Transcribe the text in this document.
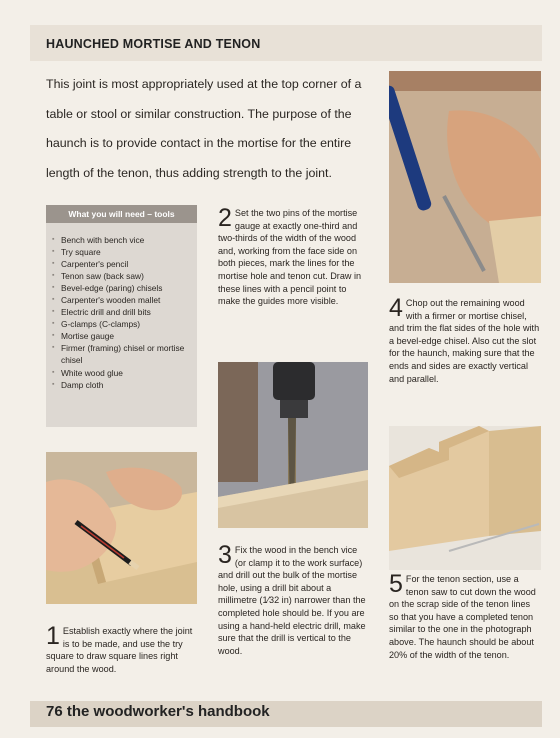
HAUNCHED MORTISE AND TENON
This joint is most appropriately used at the top corner of a table or stool or similar construction. The purpose of the haunch is to provide contact in the mortise for the entire length of the tenon, thus adding strength to the joint.
What you will need – tools
▪ Bench with bench vice
▪ Try square
▪ Carpenter's pencil
▪ Tenon saw (back saw)
▪ Bevel-edge (paring) chisels
▪ Carpenter's wooden mallet
▪ Electric drill and drill bits
▪ G-clamps (C-clamps)
▪ Mortise gauge
▪ Firmer (framing) chisel or mortise chisel
▪ White wood glue
▪ Damp cloth
2 Set the two pins of the mortise gauge at exactly one-third and two-thirds of the width of the wood and, working from the face side on both pieces, mark the lines for the mortise hole and tenon cut. Draw in these lines with a pencil point to make the guides more visible.	4 Chop out the remaining wood with a firmer or mortise chisel, and trim the flat sides of the hole with a bevel-edge chisel. Also cut the slot for the haunch, making sure that the ends and sides are exactly vertical and parallel.
3 Fix the wood in the bench vice (or clamp it to the work surface) and drill out the bulk of the mortise hole, using a drill bit about a millimetre (1⁄32 in) narrower than the completed hole should be. If you are using a hand-held electric drill, make sure that the drill is vertical to the wood.
5 For the tenon section, use a tenon saw to cut down the wood on the scrap side of the tenon lines so that you have a completed tenon similar to the one in the photograph above. The haunch should be about 20% of the width of the tenon.
1 Establish exactly where the joint is to be made, and use the try square to draw square lines right around the wood.
76 the woodworker's handbook
